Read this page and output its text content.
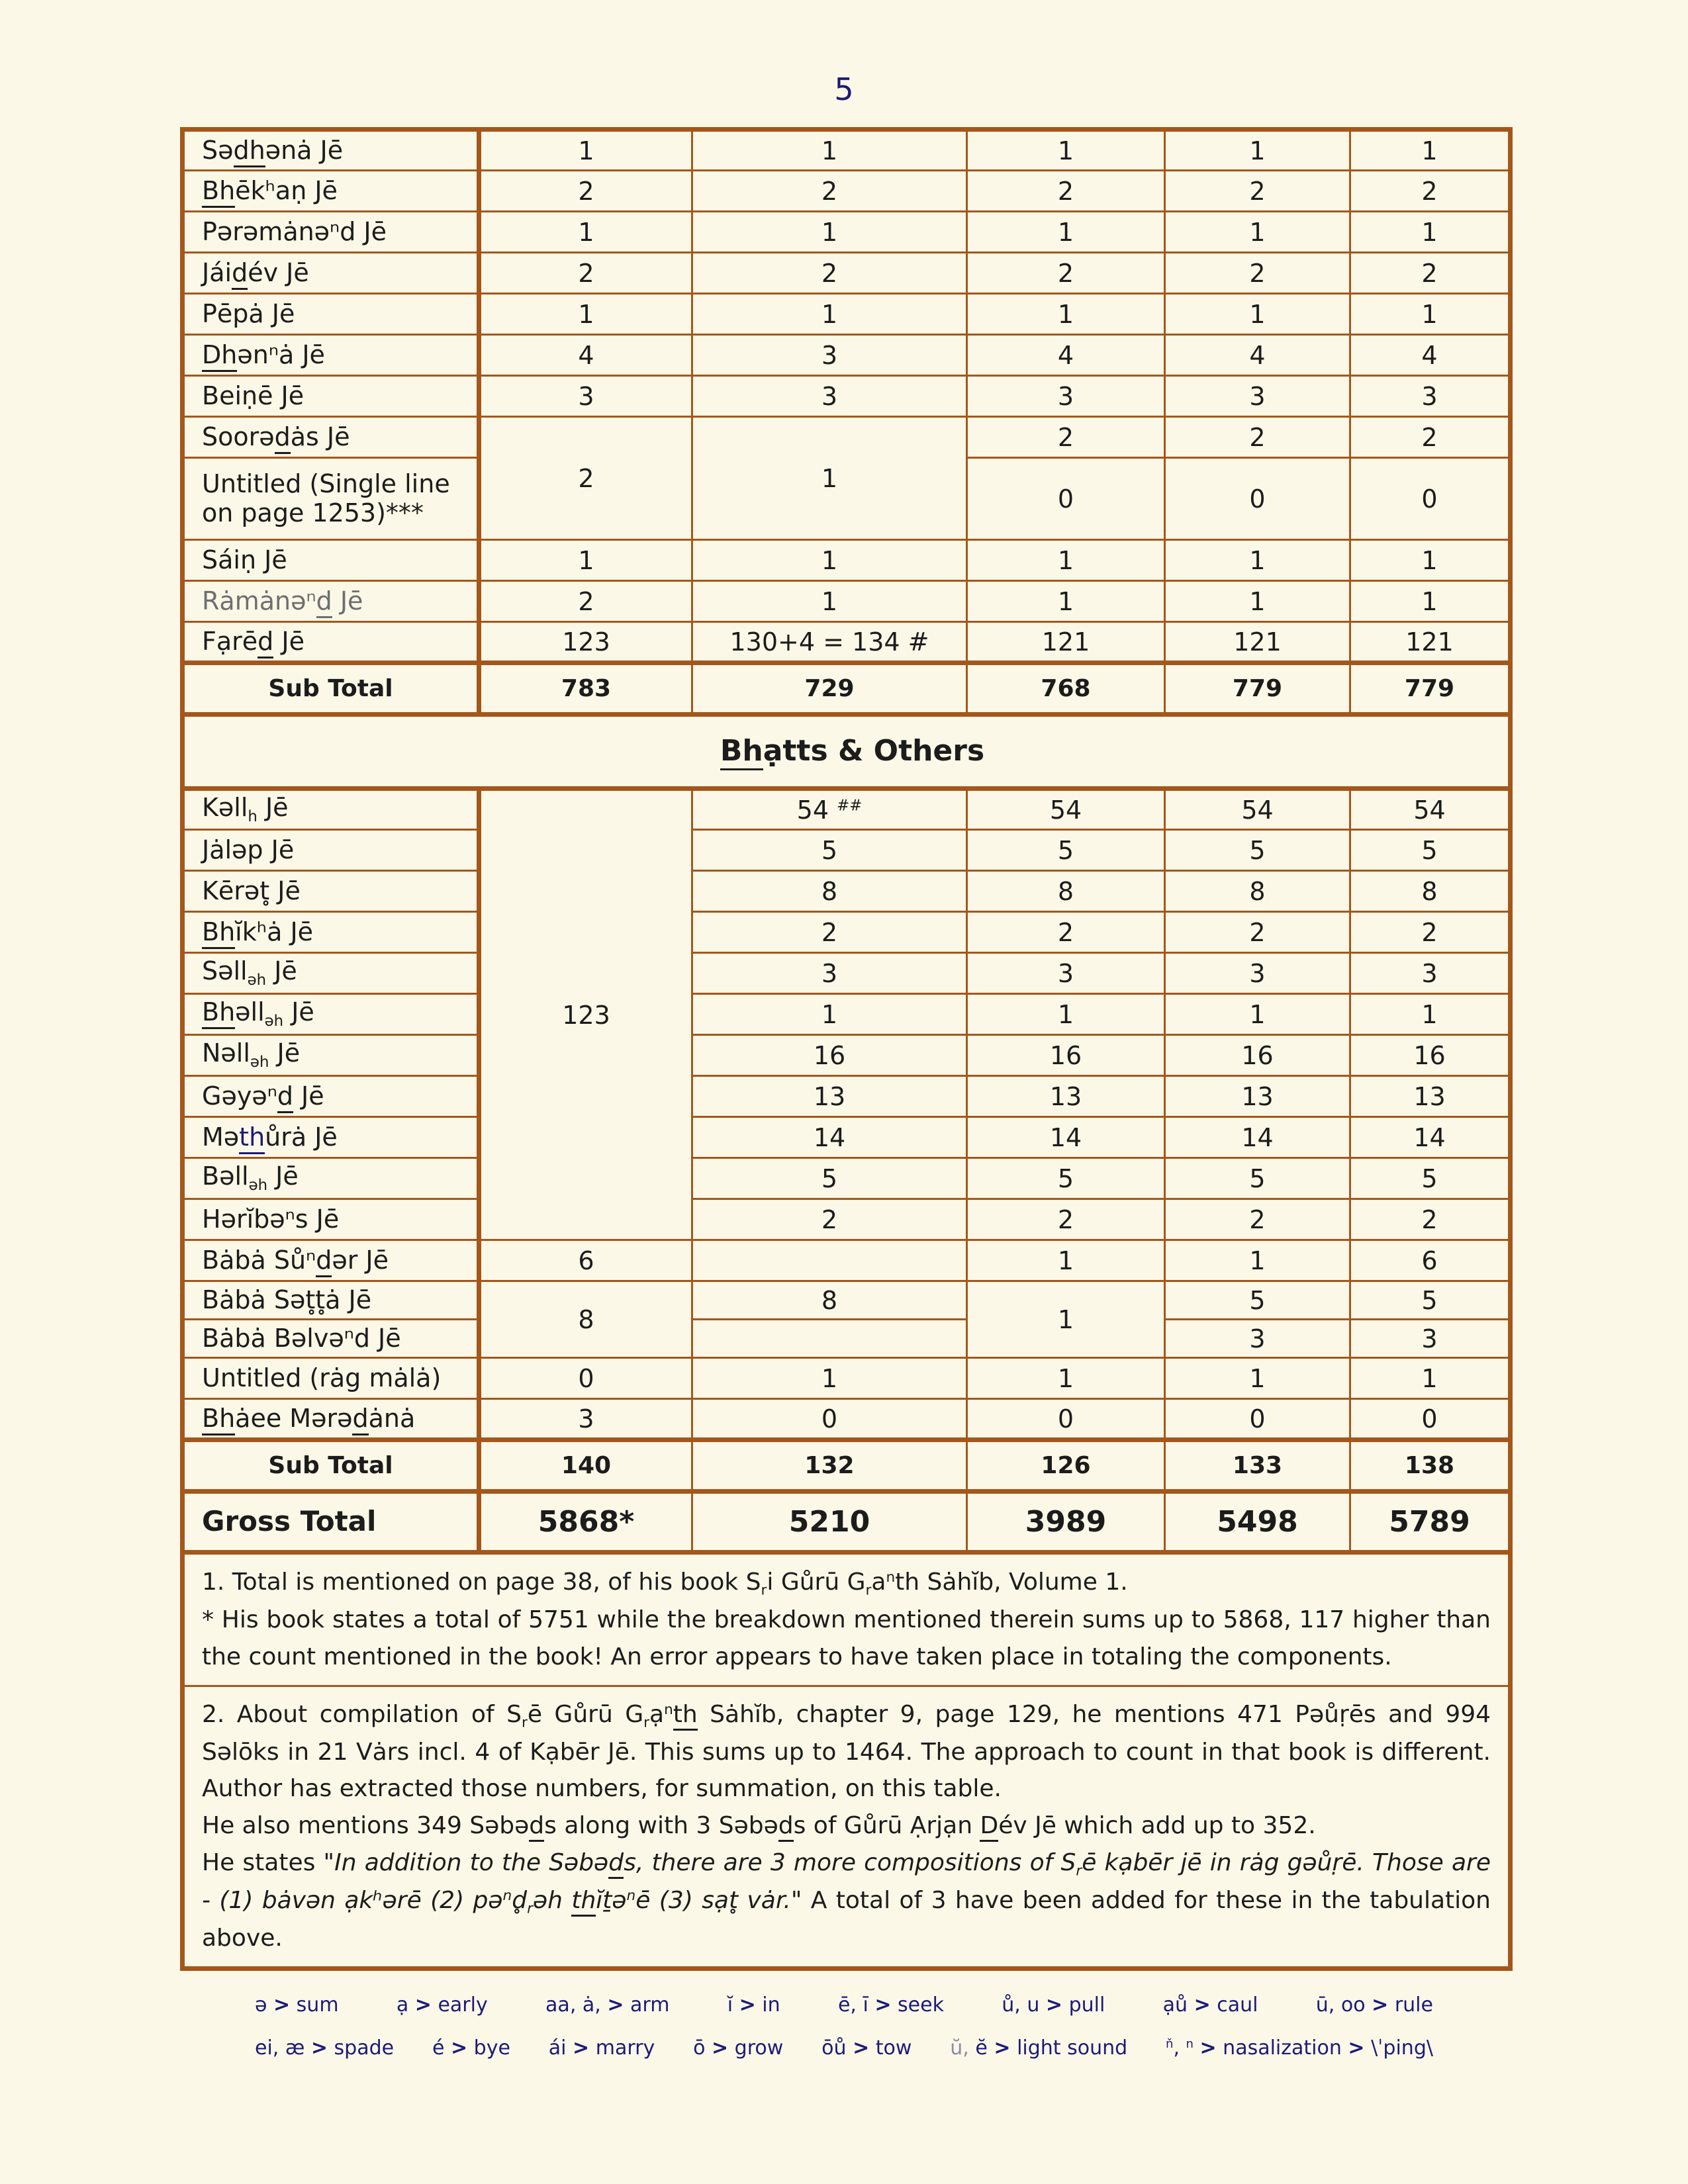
5
Sədhənȧ Jē	1	1	1	1	1
Bhēkʰaṇ Jē	2	2	2	2	2
Pərəmȧnəⁿd Jē	1	1	1	1	1
Jáidév Jē	2	2	2	2	2
Pēpȧ Jē	1	1	1	1	1
Dhənⁿȧ Jē	4	3	4	4	4
Beiṇē Jē	3	3	3	3	3
Soorədȧs Jē	2	1	2	2	2
Untitled (Single line on page 1253)***			0	0	0
Sáiṇ Jē	1	1	1	1	1
Rȧmȧnəⁿd Jē	2	1	1	1	1
Fạrēd Jē	123	130+4 = 134 #	121	121	121
Sub Total	783	729	768	779	779
Bhạtts & Others					
Kəll$_h$ Jē	123	54 ##	54	54	54
Jȧləp Jē		5	5	5	5
Kērət̥ Jē		8	8	8	8
Bhĭkʰȧ Jē		2	2	2	2
Səll$_{əh}$ Jē		3	3	3	3
Bhəll$_{əh}$ Jē		1	1	1	1
Nəll$_{əh}$ Jē		16	16	16	16
Gəyəⁿd Jē		13	13	13	13
Məthůrȧ Jē		14	14	14	14
Bəll$_{əh}$ Jē		5	5	5	5
Hərĭbəⁿs Jē		2	2	2	2
Bȧbȧ Sůⁿdər Jē	6		1	1	6
Bȧbȧ Sət̥t̥ȧ Jē	8	8	1	5	5
Bȧbȧ Bəlvəⁿd Jē				3	3
Untitled (rȧg mȧlȧ)	0	1	1	1	1
Bhȧee Mərədȧnȧ	3	0	0	0	0
Sub Total	140	132	126	133	138
Gross Total	5868*	5210	3989	5498	5789

1. Total is mentioned on page 38, of his book $S_ri$ Gůrū $G_ra^nth$ Sȧhĭb, Volume 1.
* His book states a total of 5751 while the breakdown mentioned therein sums up to 5868, 117 higher than the count mentioned in the book! An error appears to have taken place in totaling the components.					

2. About compilation of $S_rē$ Gůrū $G_rạ^nth$ Sȧhĭb, chapter 9, page 129, he mentions 471 Pəůṛēs and 994 Səlōks in 21 Vȧrs incl. 4 of Kạbēr Jē. This sums up to 1464. The approach to count in that book is different. Author has extracted those numbers, for summation, on this table.
He also mentions 349 Səbəds along with 3 Səbəds of Gůrū Ạrjạn Dév Jē which add up to 352.
He states "In addition to the Səbəds, there are 3 more compositions of $S_rē$ kạbēr jē in rȧg gəůṛē. Those are - (1) bȧvən ạkʰərē (2) $pə^nd̥_rəh$ thĭṯə$^n$ē (3) sạt̥ vȧr." A total of 3 have been added for these in the tabulation above.					
ə > sum	ạ > early	aa, ȧ, > arm	ĭ > in	ē, ī > seek	ů, u > pull	ạů > caul	ū, oo > rule
ei, æ > spade é > bye ái > marry ō > grow ōů > tow ŭ, ĕ > light sound	$^ň$, $^n$ > nasalization > \ˈping\
